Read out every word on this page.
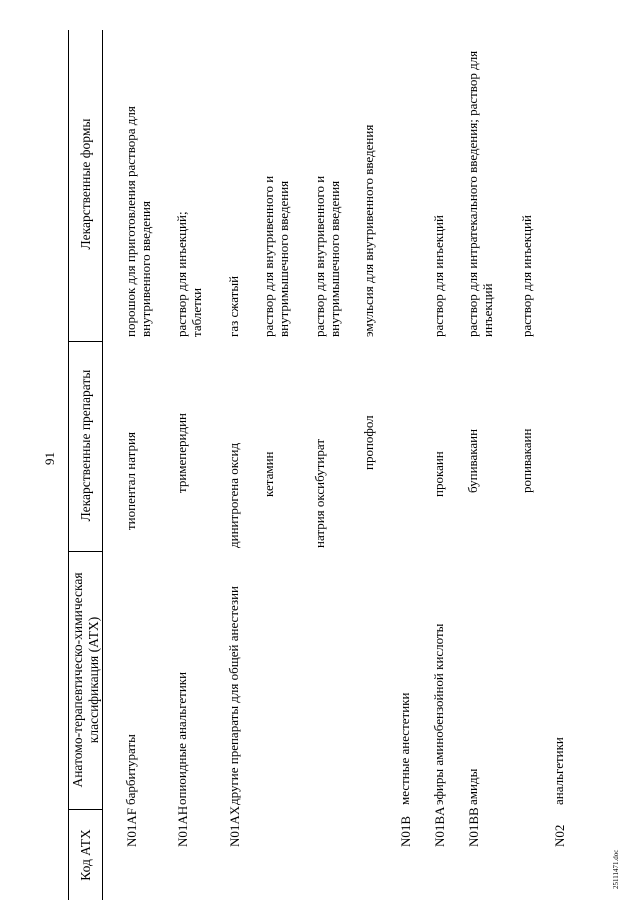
91
Код АТХ
Анатомо-терапевтическо-химическая классификация (АТХ)
Лекарственные препараты
Лекарственные формы
N01AF
барбитураты
тиопентал натрия
порошок для приготовления раствора для внутривенного введения
N01AH
опиоидные анальгетики
тримеперидин
раствор для инъекций; таблетки
N01AX
другие препараты для общей анестезии
динитрогена оксид
газ сжатый
кетамин
раствор для внутривенного и внутримышечного введения
натрия оксибутират
раствор для внутривенного и внутримышечного введения
пропофол
эмульсия для внутривенного введения
N01B
местные анестетики
N01BA
эфиры аминобензойной кислоты
прокаин
раствор для инъекций
N01BB
амиды
бупивакаин
раствор для интратекального введения; раствор для инъекций
ропивакаин
раствор для инъекций
N02
анальгетики
25111471.doc
